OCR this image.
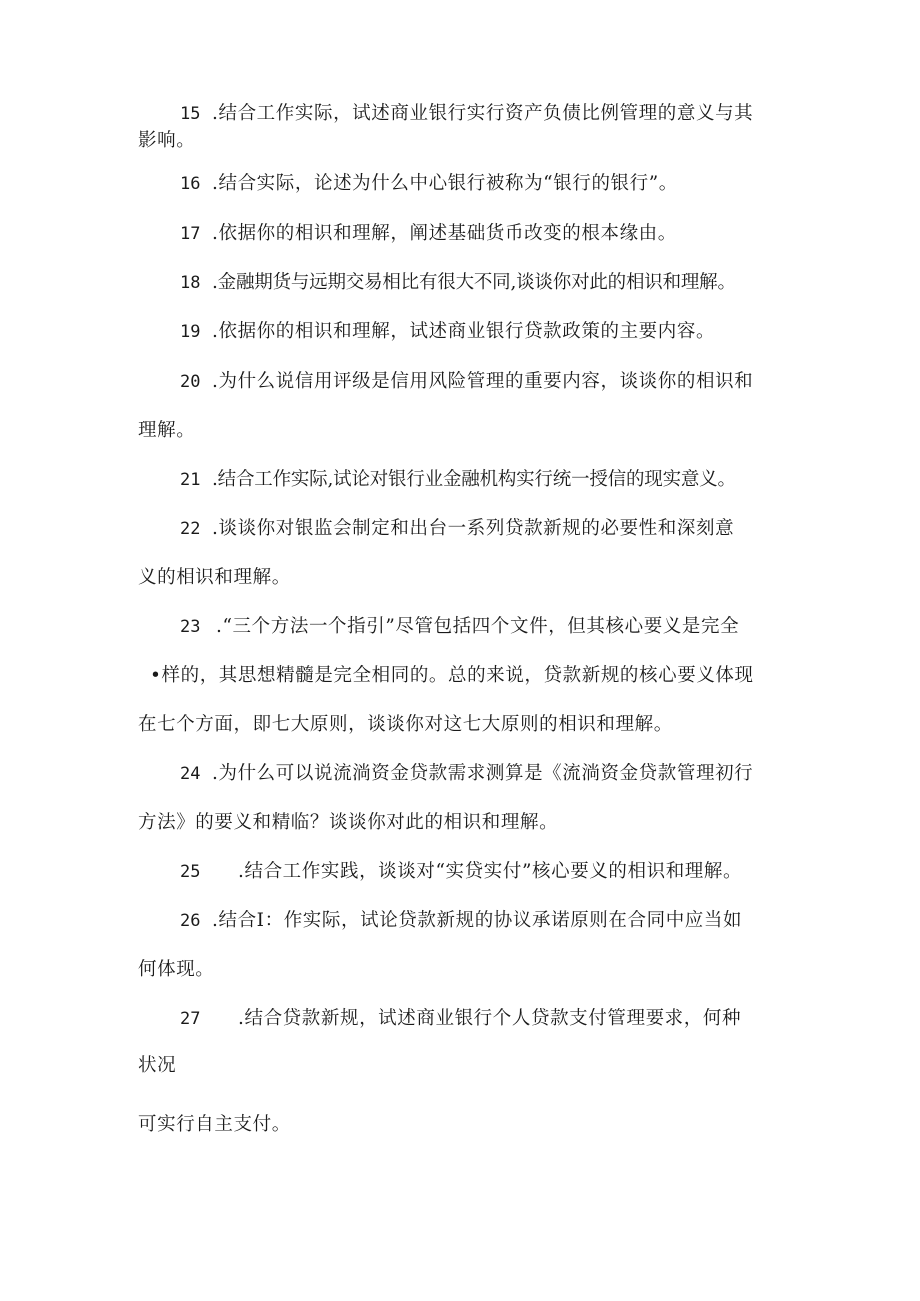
15 .结合工作实际，试述商业银行实行资产负债比例管理的意义与其
影响。
16 .结合实际，论述为什么中心银行被称为“银行的银行”。
17 .依据你的相识和理解，阐述基础货币改变的根本缘由。
18 .金融期货与远期交易相比有很大不同,谈谈你对此的相识和理解。
19 .依据你的相识和理解，试述商业银行贷款政策的主要内容。
20 .为什么说信用评级是信用风险管理的重要内容，谈谈你的相识和
理解。
21 .结合工作实际,试论对银行业金融机构实行统一授信的现实意义。
22 .谈谈你对银监会制定和出台一系列贷款新规的必要性和深刻意
义的相识和理解。
23 .“三个方法一个指引”尽管包括四个文件，但其核心要义是完全
•样的，其思想精髓是完全相同的。总的来说，贷款新规的核心要义体现
在七个方面，即七大原则，谈谈你对这七大原则的相识和理解。
24 .为什么可以说流淌资金贷款需求测算是《流淌资金贷款管理初行
方法》的要义和精临？谈谈你对此的相识和理解。
25 .结合工作实践，谈谈对“实贷实付”核心要义的相识和理解。
26 .结合I：作实际，试论贷款新规的协议承诺原则在合同中应当如
何体现。
27 .结合贷款新规，试述商业银行个人贷款支付管理要求，何种
状况
可实行自主支付。
